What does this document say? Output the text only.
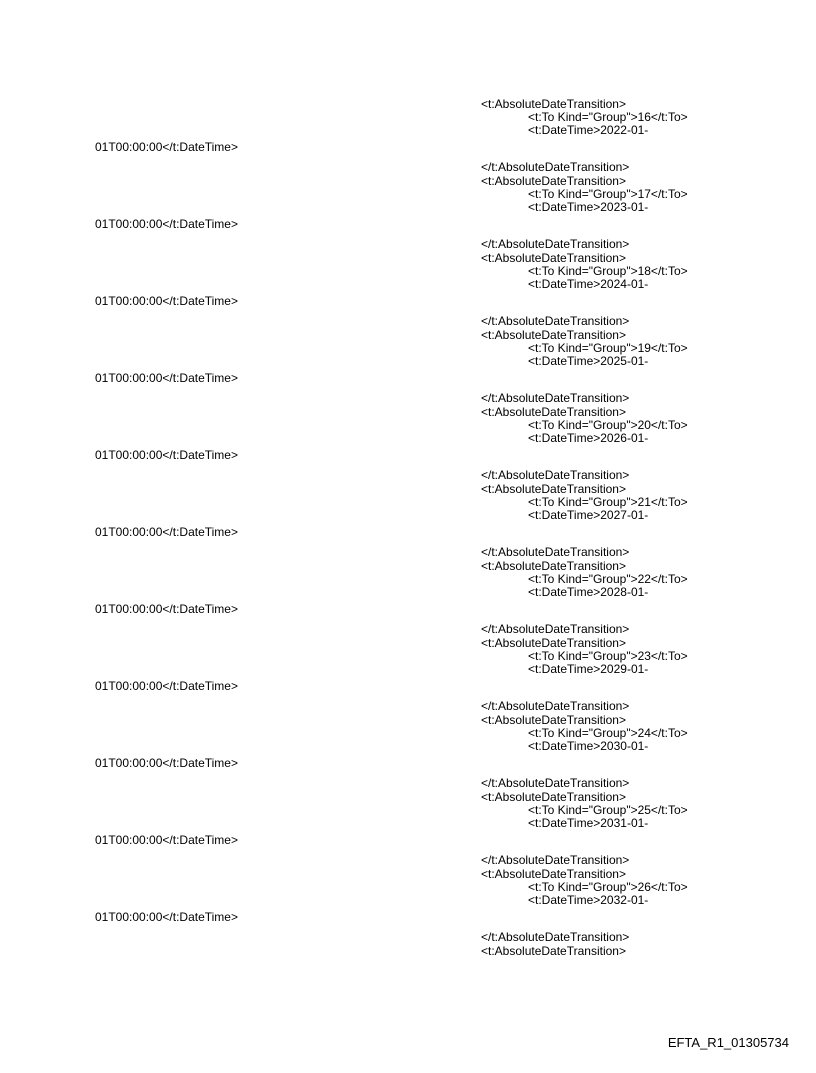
<t:AbsoluteDateTransition>
<t:To Kind="Group">16</t:To>
<t:DateTime>2022-01-
01T00:00:00</t:DateTime>
</t:AbsoluteDateTransition>
<t:AbsoluteDateTransition>
<t:To Kind="Group">17</t:To>
<t:DateTime>2023-01-
01T00:00:00</t:DateTime>
</t:AbsoluteDateTransition>
<t:AbsoluteDateTransition>
<t:To Kind="Group">18</t:To>
<t:DateTime>2024-01-
01T00:00:00</t:DateTime>
</t:AbsoluteDateTransition>
<t:AbsoluteDateTransition>
<t:To Kind="Group">19</t:To>
<t:DateTime>2025-01-
01T00:00:00</t:DateTime>
</t:AbsoluteDateTransition>
<t:AbsoluteDateTransition>
<t:To Kind="Group">20</t:To>
<t:DateTime>2026-01-
01T00:00:00</t:DateTime>
</t:AbsoluteDateTransition>
<t:AbsoluteDateTransition>
<t:To Kind="Group">21</t:To>
<t:DateTime>2027-01-
01T00:00:00</t:DateTime>
</t:AbsoluteDateTransition>
<t:AbsoluteDateTransition>
<t:To Kind="Group">22</t:To>
<t:DateTime>2028-01-
01T00:00:00</t:DateTime>
</t:AbsoluteDateTransition>
<t:AbsoluteDateTransition>
<t:To Kind="Group">23</t:To>
<t:DateTime>2029-01-
01T00:00:00</t:DateTime>
</t:AbsoluteDateTransition>
<t:AbsoluteDateTransition>
<t:To Kind="Group">24</t:To>
<t:DateTime>2030-01-
01T00:00:00</t:DateTime>
</t:AbsoluteDateTransition>
<t:AbsoluteDateTransition>
<t:To Kind="Group">25</t:To>
<t:DateTime>2031-01-
01T00:00:00</t:DateTime>
</t:AbsoluteDateTransition>
<t:AbsoluteDateTransition>
<t:To Kind="Group">26</t:To>
<t:DateTime>2032-01-
01T00:00:00</t:DateTime>
</t:AbsoluteDateTransition>
<t:AbsoluteDateTransition>
EFTA_R1_01305734
